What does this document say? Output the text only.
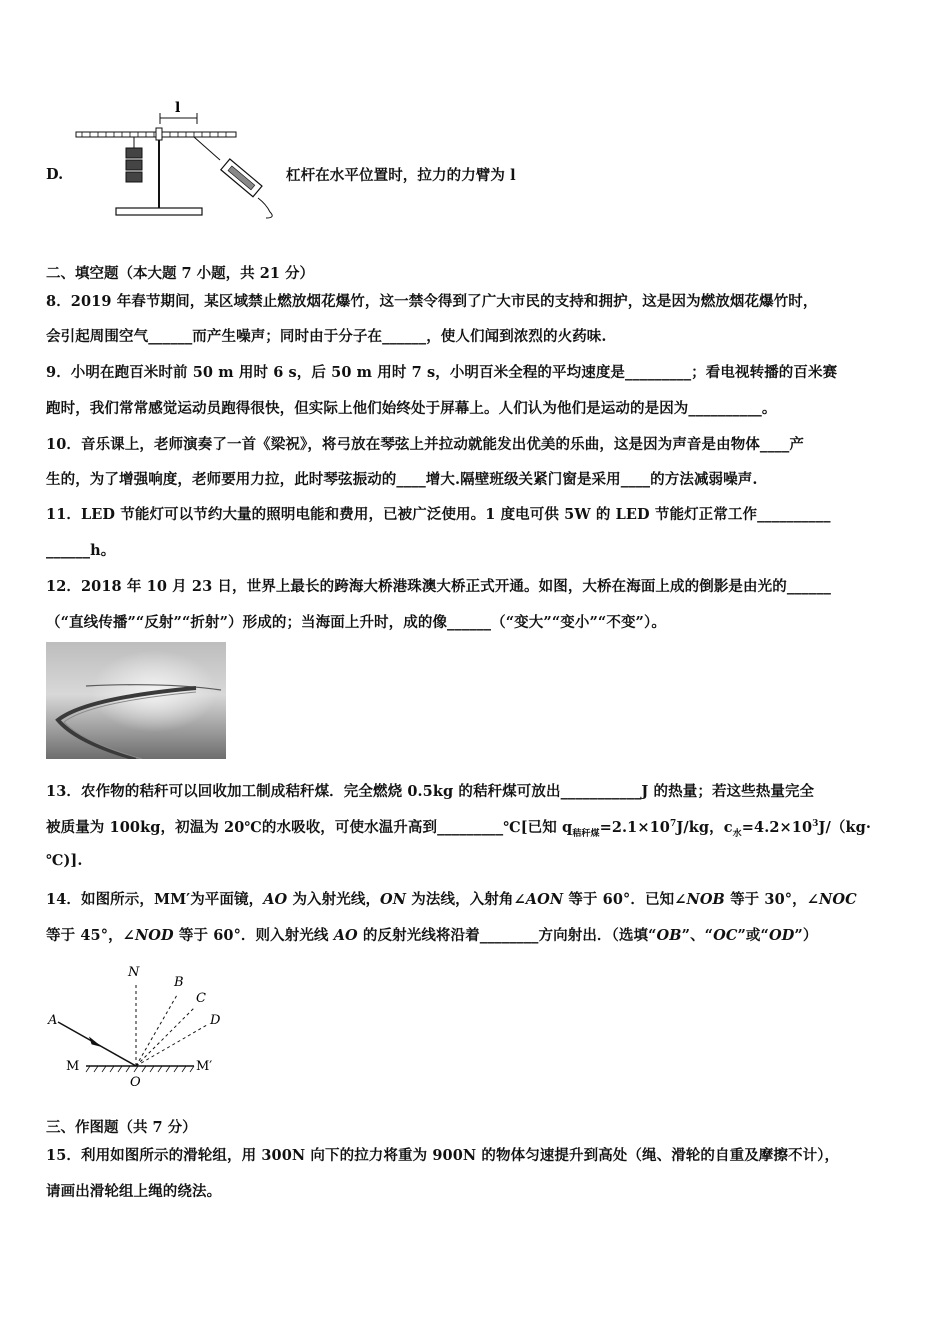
l
D.	杠杆在水平位置时，拉力的力臂为 l
二、填空题（本大题 7 小题，共 21 分）
8．2019 年春节期间，某区域禁止燃放烟花爆竹，这一禁令得到了广大市民的支持和拥护，这是因为燃放烟花爆竹时，
会引起周围空气______而产生噪声；同时由于分子在______，使人们闻到浓烈的火药味.
9．小明在跑百米时前 50 m 用时 6 s，后 50 m 用时 7 s，小明百米全程的平均速度是_________；看电视转播的百米赛
跑时，我们常常感觉运动员跑得很快，但实际上他们始终处于屏幕上。人们认为他们是运动的是因为__________。
10．音乐课上，老师演奏了一首《梁祝》，将弓放在琴弦上并拉动就能发出优美的乐曲，这是因为声音是由物体____产
生的，为了增强响度，老师要用力拉，此时琴弦振动的____增大.隔壁班级关紧门窗是采用____的方法减弱噪声.
11．LED 节能灯可以节约大量的照明电能和费用，已被广泛使用。1 度电可供 5W 的 LED 节能灯正常工作__________
______h。
12．2018 年 10 月 23 日，世界上最长的跨海大桥港珠澳大桥正式开通。如图，大桥在海面上成的倒影是由光的______
（“直线传播”“反射”“折射”）形成的；当海面上升时，成的像______（“变大”“变小”“不变”）。
13．农作物的秸秆可以回收加工制成秸秆煤．完全燃烧 0.5kg 的秸秆煤可放出___________J 的热量；若这些热量完全
被质量为 100kg，初温为 20℃的水吸收，可使水温升高到_________℃[已知 $q_{秸秆煤}=2.1\times 10^7J/kg$，$c_水=4.2\times 10^3J/(kg\cdot$
℃)].
14．如图所示，MM′为平面镜，AO 为入射光线，ON 为法线，入射角∠AON 等于 60°．已知∠NOB 等于 30°，∠NOC
等于 45°，∠NOD 等于 60°．则入射光线 AO 的反射光线将沿着________方向射出．（选填“OB”、“OC”或“OD”）
N
B
C
D
A
M	M′
O
三、作图题（共 7 分）
15．利用如图所示的滑轮组，用 300N 向下的拉力将重为 900N 的物体匀速提升到高处（绳、滑轮的自重及摩擦不计），
请画出滑轮组上绳的绕法。
